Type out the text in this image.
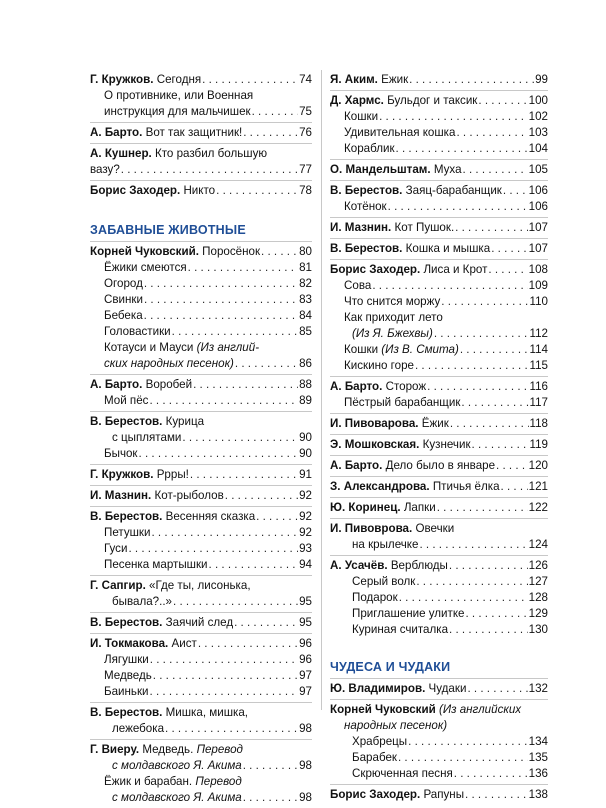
Г. Кружков. Сегодня . . .	74
О противнике, или Военная
инструкция для мальчишек . . .	75
А. Барто. Вот так защитник! . . .	76
А. Кушнер. Кто разбил большую
вазу? . . .	77
Борис Заходер. Никто . . .	78
ЗАБАВНЫЕ ЖИВОТНЫЕ
Корней Чуковский. Поросёнок . . .	80
Ёжики смеются . . .	81
Огород . . .	82
Свинки . . .	83
Бебека . . .	84
Головастики . . .	85
Котауси и Мауси (Из англий-
ских народных песенок) . . .	86
А. Барто. Воробей . . .	88
Мой пёс . . .	89
В. Берестов. Курица
с цыплятами . . .	90
Бычок . . .	90
Г. Кружков. Ррры! . . .	91
И. Мазнин. Кот-рыболов . . .	92
В. Берестов. Весенняя сказка . . .	92
Петушки . . .	92
Гуси . . .	93
Песенка мартышки . . .	94
Г. Сапгир. «Где ты, лисонька,
бывала?..» . . .	95
В. Берестов. Заячий след . . .	95
И. Токмакова. Аист . . .	96
Лягушки . . .	96
Медведь . . .	97
Баиньки . . .	97
В. Берестов. Мишка, мишка,
лежебока . . .	98
Г. Виеру. Медведь. Перевод
с молдавского Я. Акима . . .	98
Ёжик и барабан. Перевод
с молдавского Я. Акима . . .	98
Я. Аким. Ежик . . .	99
Д. Хармс. Бульдог и таксик . . .	100
Кошки . . .	102
Удивительная кошка . . .	103
Кораблик . . .	104
О. Мандельштам. Муха . . .	105
В. Берестов. Заяц-барабанщик . . . 106
Котёнок . . .	106
И. Мазнин. Кот Пушок. . . .	107
В. Берестов. Кошка и мышка . . .	107
Борис Заходер. Лиса и Крот . . .	108
Сова . . .	109
Что снится моржу . . .	110
Как приходит лето
(Из Я. Бжехвы) . . .	112
Кошки (Из В. Смита) . . .	114
Кискино горе . . .	115
А. Барто. Сторож . . .	116
Пёстрый барабанщик . . .	117
И. Пивоварова. Ёжик . . .	118
Э. Мошковская. Кузнечик . . .	119
А. Барто. Дело было в январе . . .	120
З. Александрова. Птичья ёлка . . .	121
Ю. Коринец. Лапки . . .	122
И. Пивоврова. Овечки
на крылечке . . .	124
А. Усачёв. Верблюды . . .	126
Серый волк . . .	127
Подарок . . .	128
Приглашение улитке . . .	129
Куриная считалка . . .	130
ЧУДЕСА И ЧУДАКИ
Ю. Владимиров. Чудаки . . .	132
Корней Чуковский (Из английских
народных песенок)
Храбрецы . . .	134
Барабек . . .	135
Скрюченная песня . . .	136
Борис Заходер. Рапуны . . .	138
